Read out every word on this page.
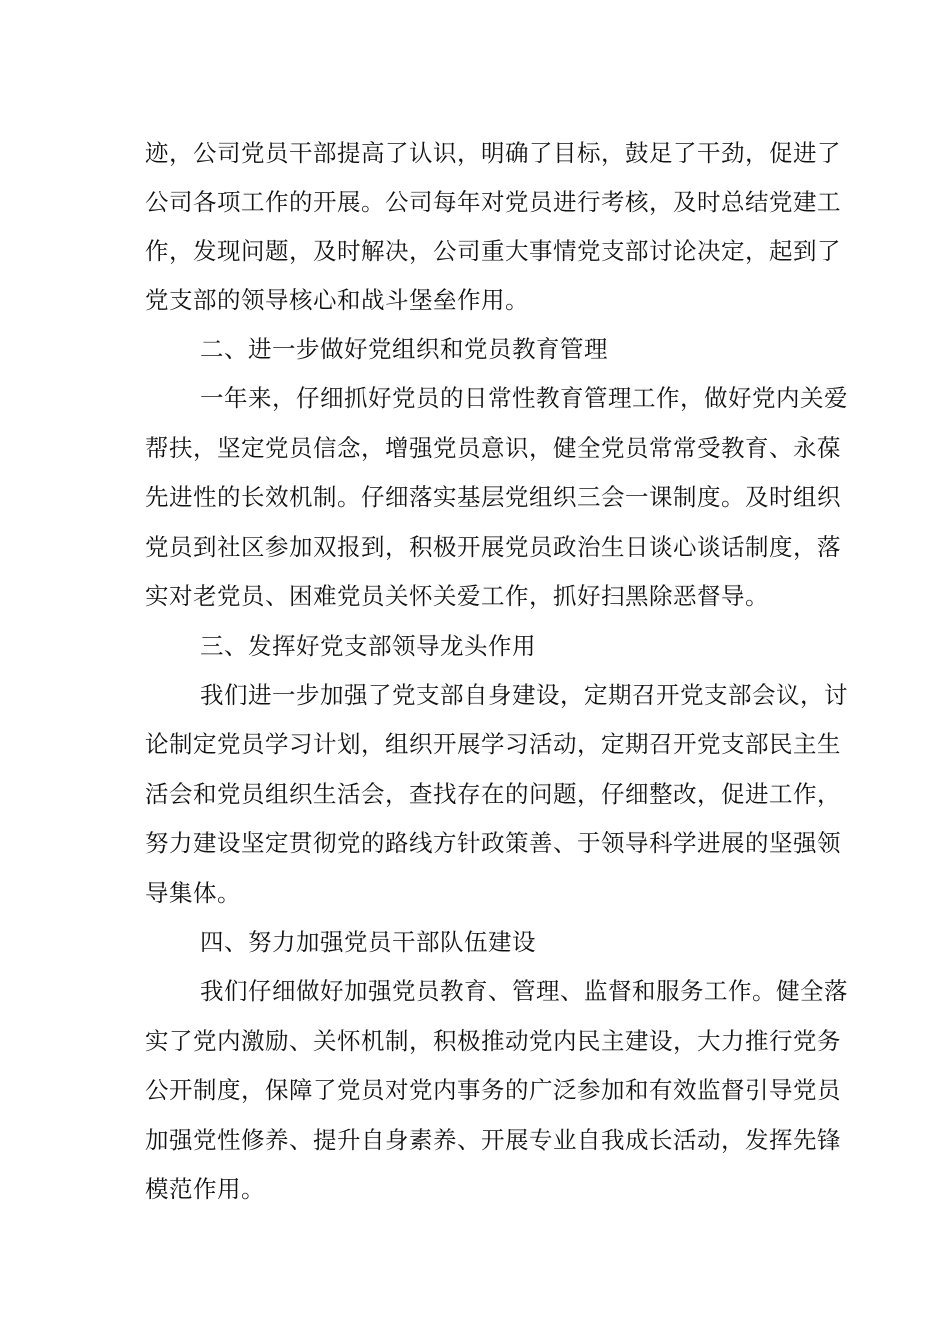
迹，公司党员干部提高了认识，明确了目标，鼓足了干劲，促进了
公司各项工作的开展。公司每年对党员进行考核，及时总结党建工
作，发现问题，及时解决，公司重大事情党支部讨论决定，起到了
党支部的领导核心和战斗堡垒作用。
二、进一步做好党组织和党员教育管理
一年来，仔细抓好党员的日常性教育管理工作，做好党内关爱
帮扶，坚定党员信念，增强党员意识，健全党员常常受教育、永葆
先进性的长效机制。仔细落实基层党组织三会一课制度。及时组织
党员到社区参加双报到，积极开展党员政治生日谈心谈话制度，落
实对老党员、困难党员关怀关爱工作，抓好扫黑除恶督导。
三、发挥好党支部领导龙头作用
我们进一步加强了党支部自身建设，定期召开党支部会议，讨
论制定党员学习计划，组织开展学习活动，定期召开党支部民主生
活会和党员组织生活会，查找存在的问题，仔细整改，促进工作，
努力建设坚定贯彻党的路线方针政策善、于领导科学进展的坚强领
导集体。
四、努力加强党员干部队伍建设
我们仔细做好加强党员教育、管理、监督和服务工作。健全落
实了党内激励、关怀机制，积极推动党内民主建设，大力推行党务
公开制度，保障了党员对党内事务的广泛参加和有效监督引导党员
加强党性修养、提升自身素养、开展专业自我成长活动，发挥先锋
模范作用。
